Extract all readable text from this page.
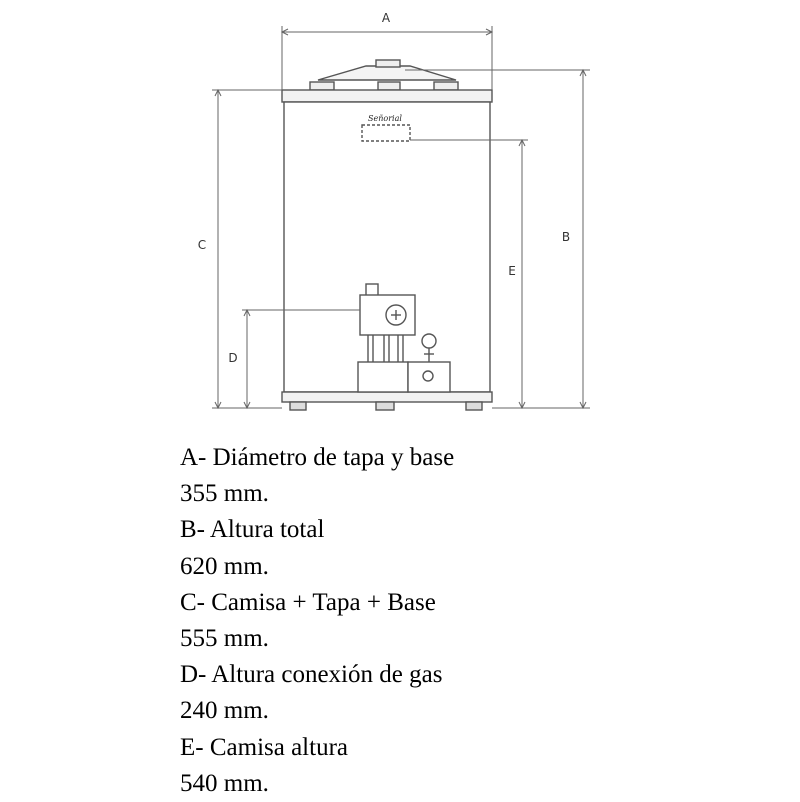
Señorial
A
B
C
D
E
A- Diámetro de tapa y base
355 mm.
B- Altura total
620 mm.
C- Camisa + Tapa + Base
555 mm.
D- Altura conexión de gas
240 mm.
E- Camisa altura
540 mm.
